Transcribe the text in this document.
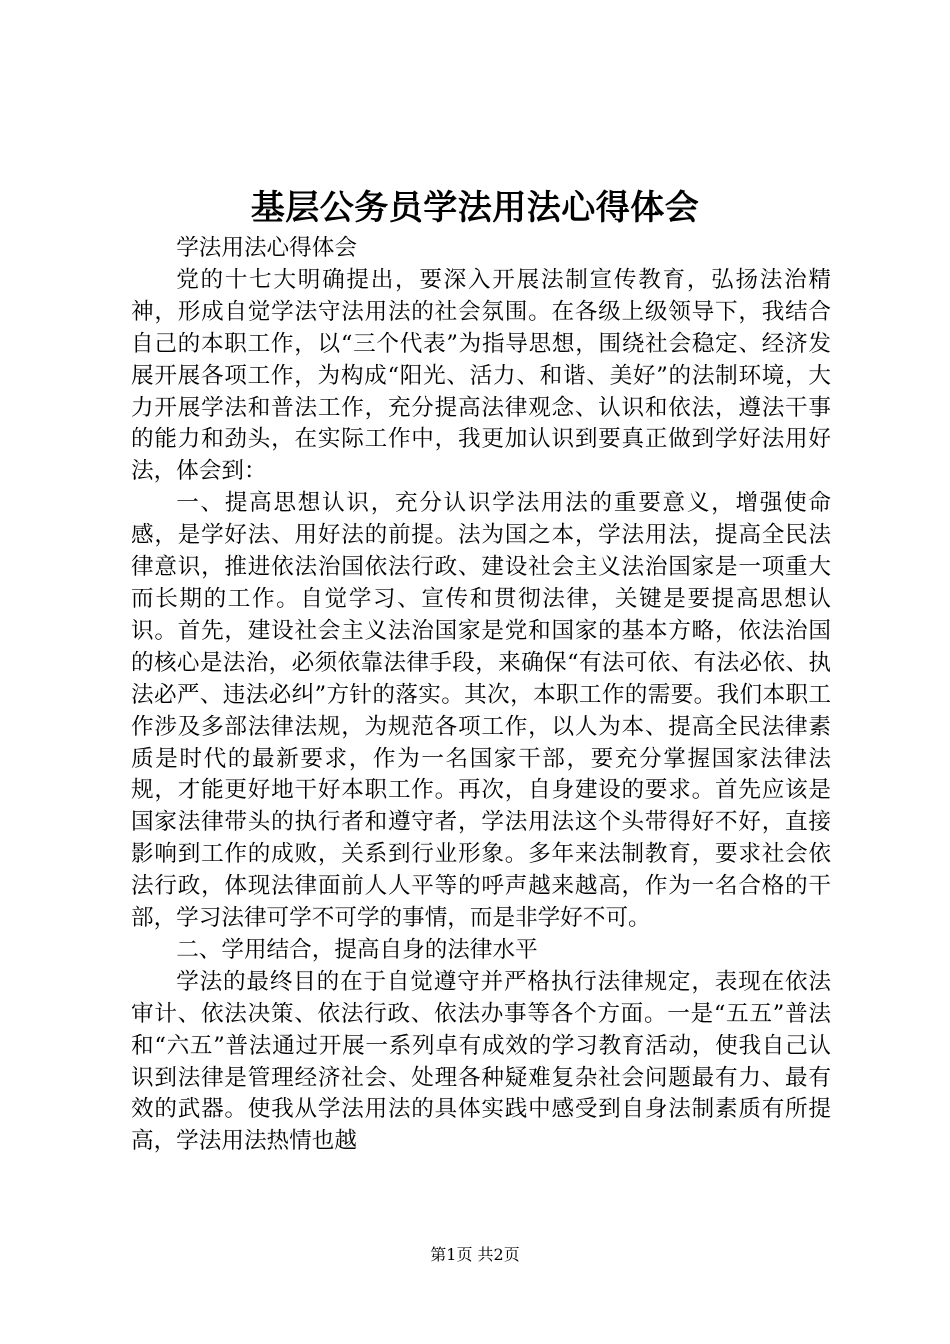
基层公务员学法用法心得体会

学法用法心得体会

党的十七大明确提出，要深入开展法制宣传教育，弘扬法治精神，形成自觉学法守法用法的社会氛围。在各级上级领导下，我结合自己的本职工作，以“三个代表”为指导思想，围绕社会稳定、经济发展开展各项工作，为构成“阳光、活力、和谐、美好”的法制环境，大力开展学法和普法工作，充分提高法律观念、认识和依法，遵法干事的能力和劲头，在实际工作中，我更加认识到要真正做到学好法用好法，体会到：

一、提高思想认识，充分认识学法用法的重要意义，增强使命感，是学好法、用好法的前提。法为国之本，学法用法，提高全民法律意识，推进依法治国依法行政、建设社会主义法治国家是一项重大而长期的工作。自觉学习、宣传和贯彻法律，关键是要提高思想认识。首先，建设社会主义法治国家是党和国家的基本方略，依法治国的核心是法治，必须依靠法律手段，来确保“有法可依、有法必依、执法必严、违法必纠”方针的落实。其次，本职工作的需要。我们本职工作涉及多部法律法规，为规范各项工作，以人为本、提高全民法律素质是时代的最新要求，作为一名国家干部，要充分掌握国家法律法规，才能更好地干好本职工作。再次，自身建设的要求。首先应该是国家法律带头的执行者和遵守者，学法用法这个头带得好不好，直接影响到工作的成败，关系到行业形象。多年来法制教育，要求社会依法行政，体现法律面前人人平等的呼声越来越高，作为一名合格的干部，学习法律可学不可学的事情，而是非学好不可。

二、学用结合，提高自身的法律水平

学法的最终目的在于自觉遵守并严格执行法律规定，表现在依法审计、依法决策、依法行政、依法办事等各个方面。一是“五五”普法和“六五”普法通过开展一系列卓有成效的学习教育活动，使我自己认识到法律是管理经济社会、处理各种疑难复杂社会问题最有力、最有效的武器。使我从学法用法的具体实践中感受到自身法制素质有所提高，学法用法热情也越

第1页 共2页
